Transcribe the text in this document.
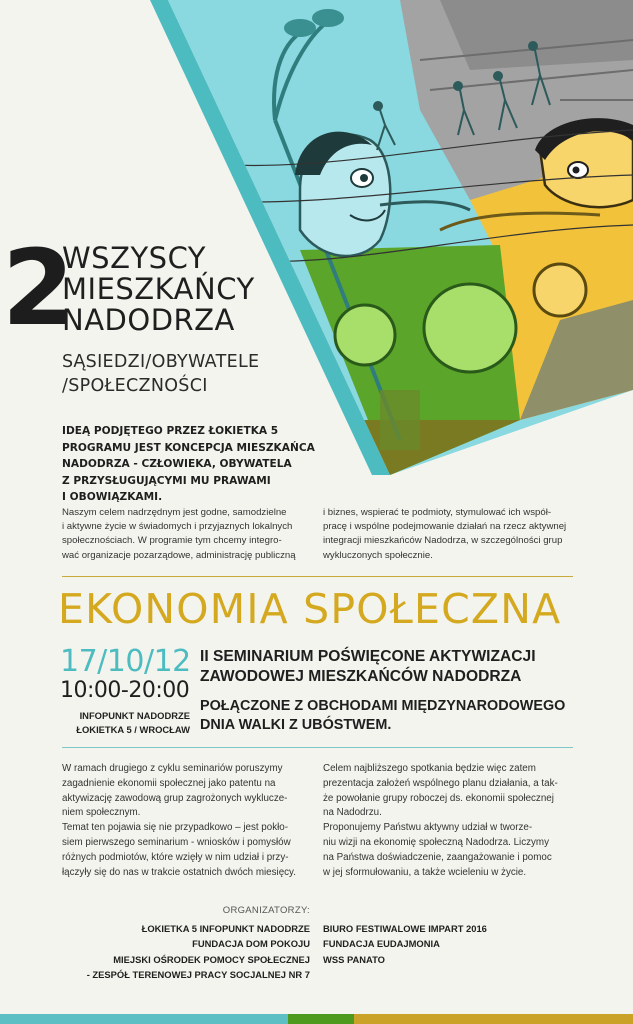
2
WSZYSCY
MIESZKAŃCY
NADODRZA
SĄSIEDZI/OBYWATELE
/SPOŁECZNOŚCI
IDEĄ PODJĘTEGO PRZEZ ŁOKIETKA 5
PROGRAMU JEST KONCEPCJA MIESZKAŃCA
NADODRZA - CZŁOWIEKA, OBYWATELA
Z PRZYSŁUGUJĄCYMI MU PRAWAMI
I OBOWIĄZKAMI.
Naszym celem nadrzędnym jest godne, samodzielne
i aktywne życie w świadomych i przyjaznych lokalnych
społecznościach. W programie tym chcemy integro-
wać organizacje pozarządowe, administrację publiczną
i biznes, wspierać te podmioty, stymulować ich współ-
pracę i wspólne podejmowanie działań na rzecz aktywnej
integracji mieszkańców Nadodrza, w szczególności grup
wykluczonych społecznie.
EKONOMIA SPOŁECZNA
17/10/12
10:00-20:00
INFOPUNKT NADODRZE
ŁOKIETKA 5 / WROCŁAW
II SEMINARIUM POŚWIĘCONE AKTYWIZACJI
ZAWODOWEJ MIESZKAŃCÓW NADODRZA
POŁĄCZONE Z OBCHODAMI MIĘDZYNARODOWEGO
DNIA WALKI Z UBÓSTWEM.
W ramach drugiego z cyklu seminariów poruszymy
zagadnienie ekonomii społecznej jako patentu na
aktywizację zawodową grup zagrożonych wykluczе-
niem społecznym.
Temat ten pojawia się nie przypadkowo – jest pokło-
siem pierwszego seminarium - wniosków i pomysłów
różnych podmiotów, które wzięły w nim udział i przy-
łączyły się do nas w trakcie ostatnich dwóch miesięcy.
Celem najbliższego spotkania będzie więc zatem
prezentacja założeń wspólnego planu działania, a tak-
że powołanie grupy roboczej ds. ekonomii społecznej
na Nadodrzu.
Proponujemy Państwu aktywny udział w tworze-
niu wizji na ekonomię społeczną Nadodrza. Liczymy
na Państwa doświadczenie, zaangażowanie i pomoc
w jej sformułowaniu, a także wcieleniu w życie.
ORGANIZATORZY:
ŁOKIETKA 5 INFOPUNKT NADODRZE
FUNDACJA DOM POKOJU
MIEJSKI OŚRODEK POMOCY SPOŁECZNEJ
- ZESPÓŁ TERENOWEJ PRACY SOCJALNEJ NR 7
BIURO FESTIWALOWE IMPART 2016
FUNDACJA EUDAJMONIA
WSS PANATO
